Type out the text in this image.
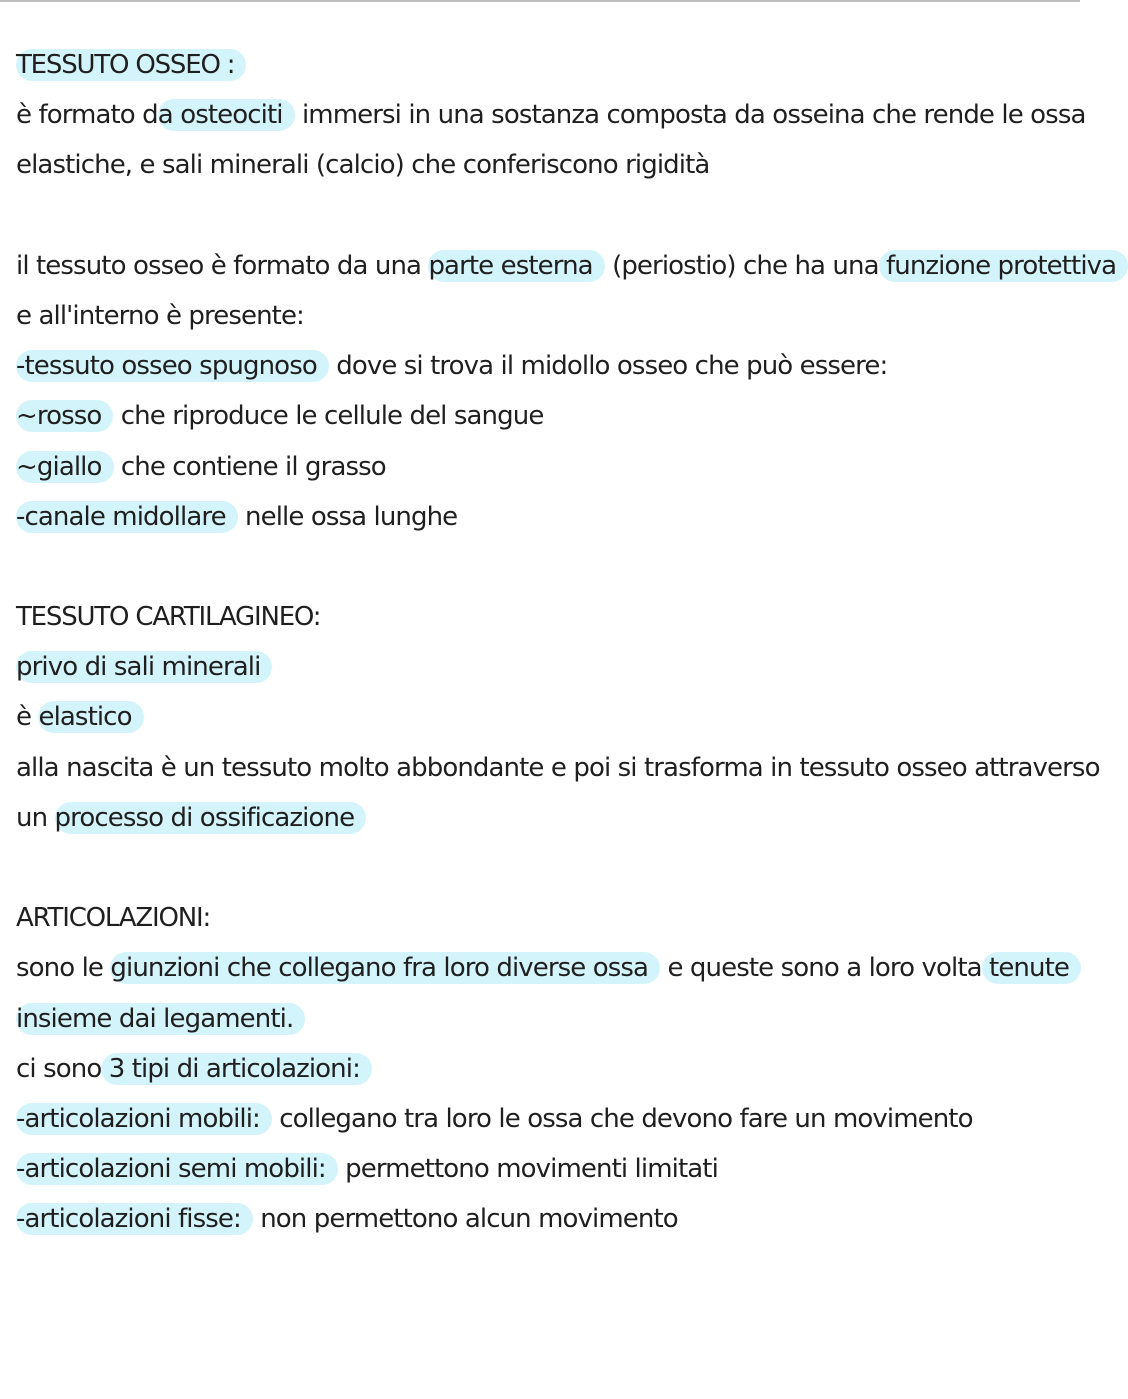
TESSUTO OSSEO :
è formato da osteociti immersi in una sostanza composta da osseina che rende le ossa
elastiche, e sali minerali (calcio) che conferiscono rigidità
il tessuto osseo è formato da una parte esterna (periostio) che ha una funzione protettiva
e all'interno è presente:
-tessuto osseo spugnoso dove si trova il midollo osseo che può essere:
~rosso che riproduce le cellule del sangue
~giallo che contiene il grasso
-canale midollare nelle ossa lunghe
TESSUTO CARTILAGINEO:
privo di sali minerali
è elastico
alla nascita è un tessuto molto abbondante e poi si trasforma in tessuto osseo attraverso
un processo di ossificazione
ARTICOLAZIONI:
sono le giunzioni che collegano fra loro diverse ossa e queste sono a loro volta tenute
insieme dai legamenti.
ci sono 3 tipi di articolazioni:
-articolazioni mobili: collegano tra loro le ossa che devono fare un movimento
-articolazioni semi mobili: permettono movimenti limitati
-articolazioni fisse: non permettono alcun movimento
